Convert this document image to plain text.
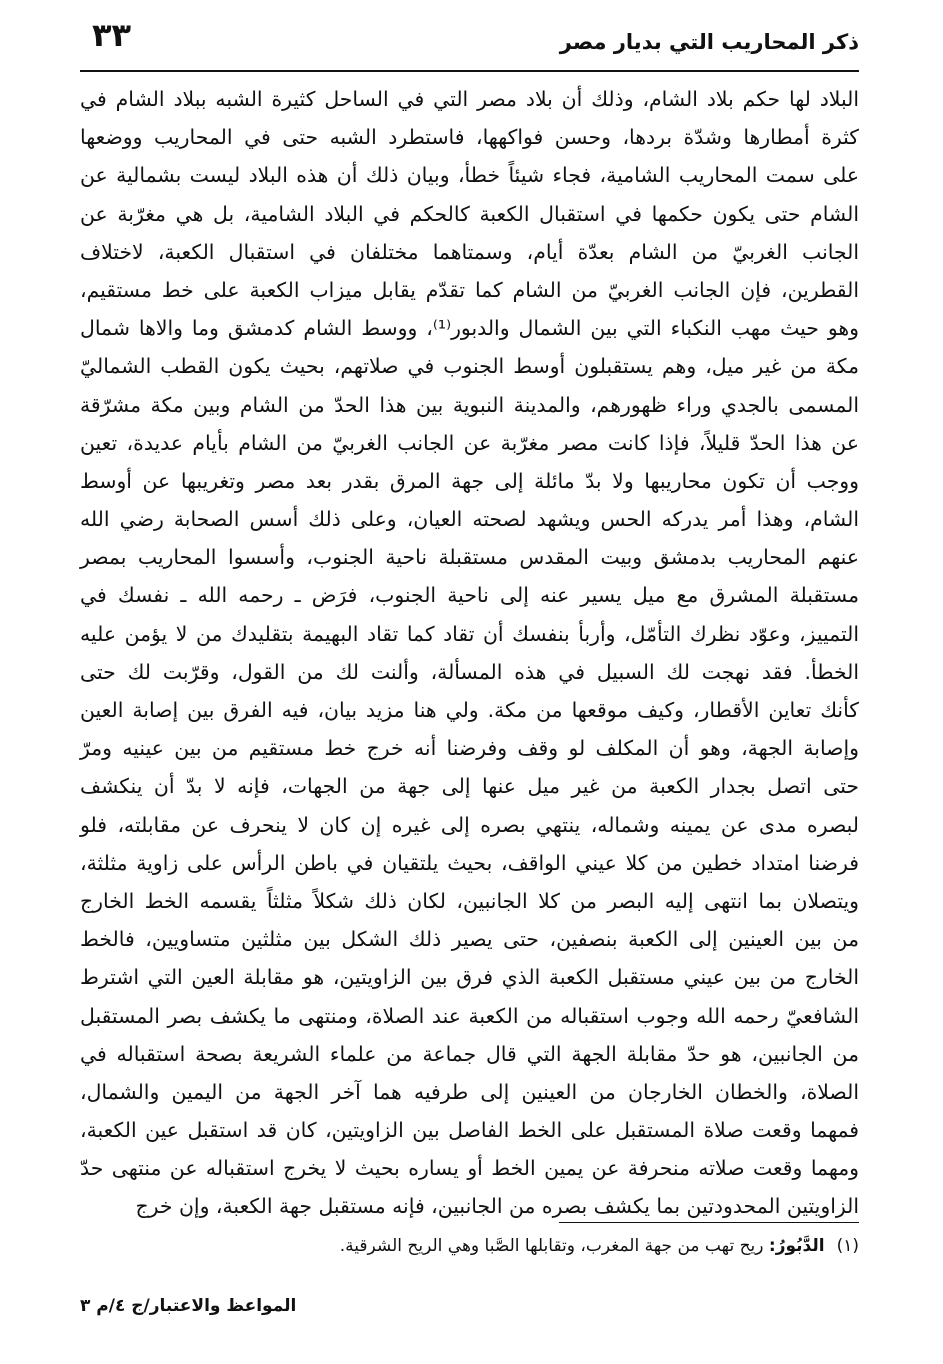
٣٣	ذكر المحاريب التي بديار مصر
البلاد لها حكم بلاد الشام، وذلك أن بلاد مصر التي في الساحل كثيرة الشبه ببلاد الشام في
كثرة أمطارها وشدّة بردها، وحسن فواكهها، فاستطرد الشبه حتى في المحاريب ووضعها
على سمت المحاريب الشامية، فجاء شيئاً خطأ، وبيان ذلك أن هذه البلاد ليست بشمالية عن
الشام حتى يكون حكمها في استقبال الكعبة كالحكم في البلاد الشامية، بل هي مغرّبة عن
الجانب الغربيّ من الشام بعدّة أيام، وسمتاهما مختلفان في استقبال الكعبة، لاختلاف
القطرين، فإن الجانب الغربيّ من الشام كما تقدّم يقابل ميزاب الكعبة على خط مستقيم،
وهو حيث مهب النكباء التي بين الشمال والدبور⁽¹⁾، ووسط الشام كدمشق وما والاها شمال
مكة من غير ميل، وهم يستقبلون أوسط الجنوب في صلاتهم، بحيث يكون القطب الشماليّ
المسمى بالجدي وراء ظهورهم، والمدينة النبوية بين هذا الحدّ من الشام وبين مكة مشرّقة
عن هذا الحدّ قليلاً، فإذا كانت مصر مغرّبة عن الجانب الغربيّ من الشام بأيام عديدة، تعين
ووجب أن تكون محاريبها ولا بدّ مائلة إلى جهة المرق بقدر بعد مصر وتغريبها عن أوسط
الشام، وهذا أمر يدركه الحس ويشهد لصحته العيان، وعلى ذلك أسس الصحابة رضي الله
عنهم المحاريب بدمشق وبيت المقدس مستقبلة ناحية الجنوب، وأسسوا المحاريب بمصر
مستقبلة المشرق مع ميل يسير عنه إلى ناحية الجنوب، فرَض ـ رحمه الله ـ نفسك في
التمييز، وعوّد نظرك التأمّل، وأربأ بنفسك أن تقاد كما تقاد البهيمة بتقليدك من لا يؤمن عليه
الخطأ. فقد نهجت لك السبيل في هذه المسألة، وألنت لك من القول، وقرّبت لك حتى
كأنك تعاين الأقطار، وكيف موقعها من مكة. ولي هنا مزيد بيان، فيه الفرق بين إصابة العين
وإصابة الجهة، وهو أن المكلف لو وقف وفرضنا أنه خرج خط مستقيم من بين عينيه ومرّ
حتى اتصل بجدار الكعبة من غير ميل عنها إلى جهة من الجهات، فإنه لا بدّ أن ينكشف
لبصره مدى عن يمينه وشماله، ينتهي بصره إلى غيره إن كان لا ينحرف عن مقابلته، فلو
فرضنا امتداد خطين من كلا عيني الواقف، بحيث يلتقيان في باطن الرأس على زاوية مثلثة،
ويتصلان بما انتهى إليه البصر من كلا الجانبين، لكان ذلك شكلاً مثلثاً يقسمه الخط الخارج
من بين العينين إلى الكعبة بنصفين، حتى يصير ذلك الشكل بين مثلثين متساويين، فالخط
الخارج من بين عيني مستقبل الكعبة الذي فرق بين الزاويتين، هو مقابلة العين التي اشترط
الشافعيّ رحمه الله وجوب استقباله من الكعبة عند الصلاة، ومنتهى ما يكشف بصر المستقبل
من الجانبين، هو حدّ مقابلة الجهة التي قال جماعة من علماء الشريعة بصحة استقباله في
الصلاة، والخطان الخارجان من العينين إلى طرفيه هما آخر الجهة من اليمين والشمال،
فمهما وقعت صلاة المستقبل على الخط الفاصل بين الزاويتين، كان قد استقبل عين الكعبة،
ومهما وقعت صلاته منحرفة عن يمين الخط أو يساره بحيث لا يخرج استقباله عن منتهى حدّ
الزاويتين المحدودتين بما يكشف بصره من الجانبين، فإنه مستقبل جهة الكعبة، وإن خرج
(١)الدَّبُورُ: ريح تهب من جهة المغرب، وتقابلها الصَّبا وهي الريح الشرقية.
المواعظ والاعتبار/ج ٤/م ٣
